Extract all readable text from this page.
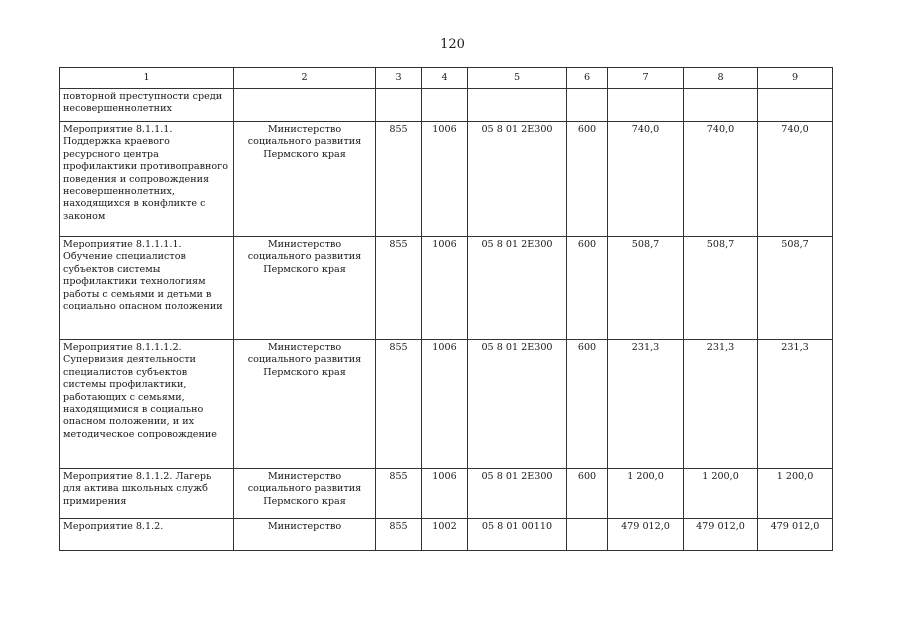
120
1	2	3	4	5	6	7	8	9
повторной преступности среди несовершеннолетних								
Мероприятие 8.1.1.1. Поддержка краевого ресурсного центра профилактики противоправного поведения и сопровождения несовершеннолетних, находящихся в конфликте с законом	Министерство социального развития Пермского края	855	1006	05 8 01 2Е300	600	740,0	740,0	740,0
Мероприятие 8.1.1.1.1. Обучение специалистов субъектов системы профилактики технологиям работы с семьями и детьми в социально опасном положении	Министерство социального развития Пермского края	855	1006	05 8 01 2Е300	600	508,7	508,7	508,7
Мероприятие 8.1.1.1.2. Супервизия деятельности специалистов субъектов системы профилактики, работающих с семьями, находящимися в социально опасном положении, и их методическое сопровождение	Министерство социального развития Пермского края	855	1006	05 8 01 2Е300	600	231,3	231,3	231,3
Мероприятие 8.1.1.2. Лагерь для актива школьных служб примирения	Министерство социального развития Пермского края	855	1006	05 8 01 2Е300	600	1 200,0	1 200,0	1 200,0
Мероприятие 8.1.2.	Министерство	855	1002	05 8 01 00110		479 012,0	479 012,0	479 012,0
